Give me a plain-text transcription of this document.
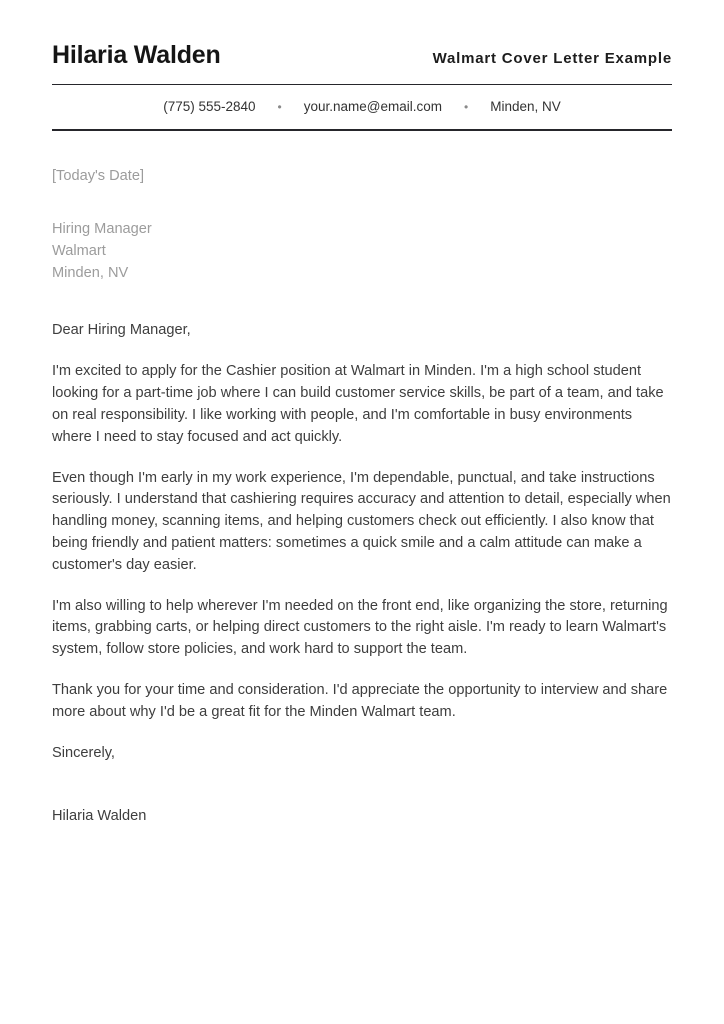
Hilaria Walden	Walmart Cover Letter Example
(775) 555-2840 • your.name@email.com • Minden, NV

[Today's Date]

Hiring Manager
Walmart
Minden, NV

Dear Hiring Manager,

I'm excited to apply for the Cashier position at Walmart in Minden. I'm a high school student looking for a part-time job where I can build customer service skills, be part of a team, and take on real responsibility. I like working with people, and I'm comfortable in busy environments where I need to stay focused and act quickly.

Even though I'm early in my work experience, I'm dependable, punctual, and take instructions seriously. I understand that cashiering requires accuracy and attention to detail, especially when handling money, scanning items, and helping customers check out efficiently. I also know that being friendly and patient matters: sometimes a quick smile and a calm attitude can make a customer's day easier.

I'm also willing to help wherever I'm needed on the front end, like organizing the store, returning items, grabbing carts, or helping direct customers to the right aisle. I'm ready to learn Walmart's system, follow store policies, and work hard to support the team.

Thank you for your time and consideration. I'd appreciate the opportunity to interview and share more about why I'd be a great fit for the Minden Walmart team.

Sincerely,

Hilaria Walden
